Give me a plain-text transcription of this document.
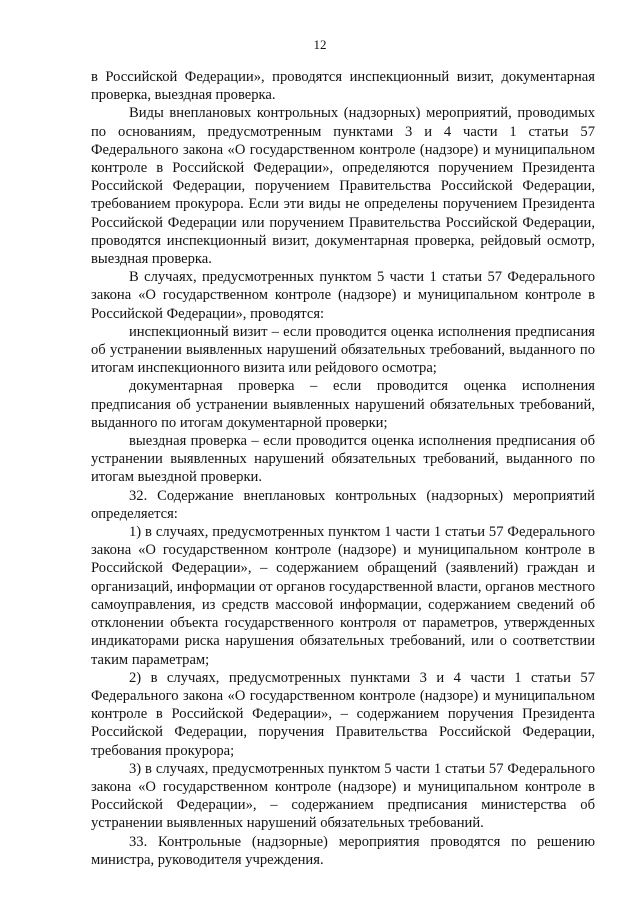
12

в Российской Федерации», проводятся инспекционный визит, документарная проверка, выездная проверка.

Виды внеплановых контрольных (надзорных) мероприятий, проводимых по основаниям, предусмотренным пунктами 3 и 4 части 1 статьи 57 Федерального закона «О государственном контроле (надзоре) и муниципальном контроле в Российской Федерации», определяются поручением Президента Российской Федерации, поручением Правительства Российской Федерации, требованием прокурора. Если эти виды не определены поручением Президента Российской Федерации или поручением Правительства Российской Федерации, проводятся инспекционный визит, документарная проверка, рейдовый осмотр, выездная проверка.

В случаях, предусмотренных пунктом 5 части 1 статьи 57 Федерального закона «О государственном контроле (надзоре) и муниципальном контроле в Российской Федерации», проводятся:

инспекционный визит – если проводится оценка исполнения предписания об устранении выявленных нарушений обязательных требований, выданного по итогам инспекционного визита или рейдового осмотра;

документарная проверка – если проводится оценка исполнения предписания об устранении выявленных нарушений обязательных требований, выданного по итогам документарной проверки;

выездная проверка – если проводится оценка исполнения предписания об устранении выявленных нарушений обязательных требований, выданного по итогам выездной проверки.

32. Содержание внеплановых контрольных (надзорных) мероприятий определяется:

1) в случаях, предусмотренных пунктом 1 части 1 статьи 57 Федерального закона «О государственном контроле (надзоре) и муниципальном контроле в Российской Федерации», – содержанием обращений (заявлений) граждан и организаций, информации от органов государственной власти, органов местного самоуправления, из средств массовой информации, содержанием сведений об отклонении объекта государственного контроля от параметров, утвержденных индикаторами риска нарушения обязательных требований, или о соответствии таким параметрам;

2) в случаях, предусмотренных пунктами 3 и 4 части 1 статьи 57 Федерального закона «О государственном контроле (надзоре) и муниципальном контроле в Российской Федерации», – содержанием поручения Президента Российской Федерации, поручения Правительства Российской Федерации, требования прокурора;

3) в случаях, предусмотренных пунктом 5 части 1 статьи 57 Федерального закона «О государственном контроле (надзоре) и муниципальном контроле в Российской Федерации», – содержанием предписания министерства об устранении выявленных нарушений обязательных требований.

33. Контрольные (надзорные) мероприятия проводятся по решению министра, руководителя учреждения.
